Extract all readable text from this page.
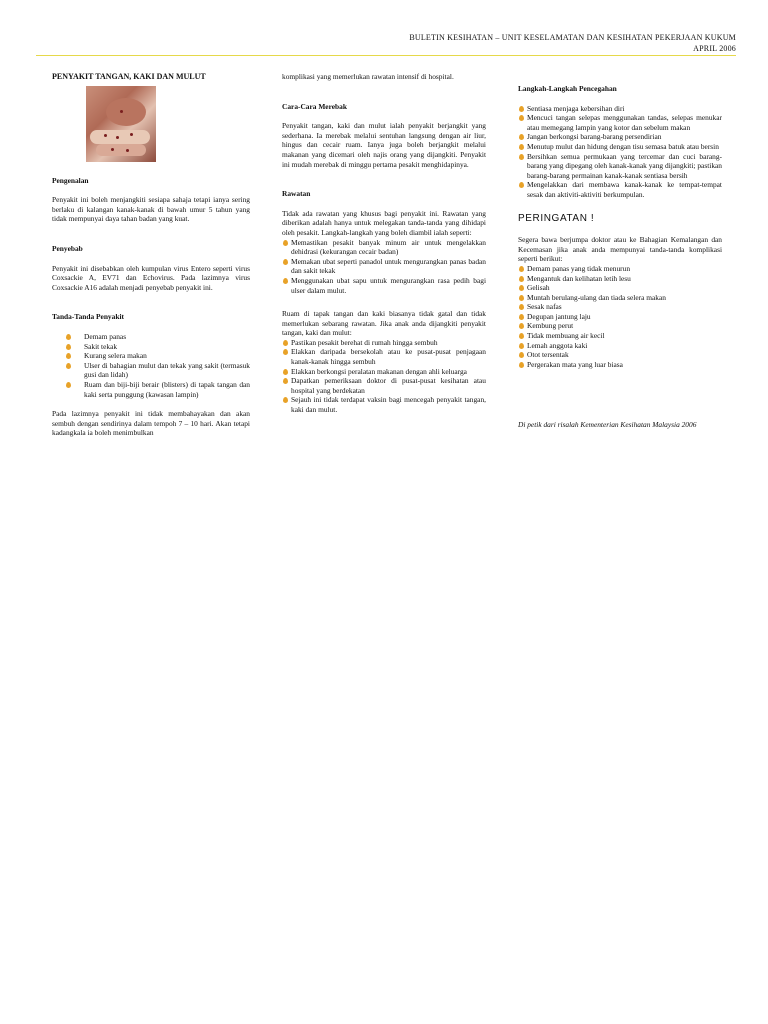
BULETIN KESIHATAN – UNIT KESELAMATAN DAN KESIHATAN PEKERJAAN KUKUM
APRIL 2006
PENYAKIT TANGAN, KAKI DAN MULUT

Pengenalan

Penyakit ini boleh menjangkiti sesiapa sahaja tetapi ianya sering berlaku di kalangan kanak-kanak di bawah umur 5 tahun yang tidak mempunyai daya tahan badan yang kuat.

Penyebab

Penyakit ini disebabkan oleh kumpulan virus Entero seperti virus Coxsackie A, EV71 dan Echovirus. Pada lazimnya virus Coxsackie A16 adalah menjadi penyebab penyakit ini.

Tanda-Tanda Penyakit

Demam panas
Sakit tekak
Kurang selera makan
Ulser di bahagian mulut dan tekak yang sakit (termasuk gusi dan lidah)
Ruam dan biji-biji berair (blisters) di tapak tangan dan kaki serta punggung (kawasan lampin)

Pada lazimnya penyakit ini tidak membahayakan dan akan sembuh dengan sendirinya dalam tempoh 7 – 10 hari. Akan tetapi kadangkala ia boleh menimbulkan

komplikasi yang memerlukan rawatan intensif di hospital.

Cara-Cara Merebak

Penyakit tangan, kaki dan mulut ialah penyakit berjangkit yang sederhana. Ia merebak melalui sentuhan langsung dengan air liur, hingus dan cecair ruam. Ianya juga boleh berjangkit melalui makanan yang dicemari oleh najis orang yang dijangkiti. Penyakit ini mudah merebak di minggu pertama pesakit menghidapinya.

Rawatan

Tidak ada rawatan yang khusus bagi penyakit ini. Rawatan yang diberikan adalah hanya untuk melegakan tanda-tanda yang dihidapi oleh pesakit. Langkah-langkah yang boleh diambil ialah seperti:

Memastikan pesakit banyak minum air untuk mengelakkan dehidrasi (kekurangan cecair badan)
Memakan ubat seperti panadol untuk mengurangkan panas badan dan sakit tekak
Menggunakan ubat sapu untuk mengurangkan rasa pedih bagi ulser dalam mulut.

Ruam di tapak tangan dan kaki biasanya tidak gatal dan tidak memerlukan sebarang rawatan. Jika anak anda dijangkiti penyakit tangan, kaki dan mulut:

Pastikan pesakit berehat di rumah hingga sembuh
Elakkan daripada bersekolah atau ke pusat-pusat penjagaan kanak-kanak hingga sembuh
Elakkan berkongsi peralatan makanan dengan ahli keluarga
Dapatkan pemeriksaan doktor di pusat-pusat kesihatan atau hospital yang berdekatan
Sejauh ini tidak terdapat vaksin bagi mencegah penyakit tangan, kaki dan mulut.

Langkah-Langkah Pencegahan

Sentiasa menjaga kebersihan diri
Mencuci tangan selepas menggunakan tandas, selepas menukar atau memegang lampin yang kotor dan sebelum makan
Jangan berkongsi barang-barang persendirian
Menutup mulut dan hidung dengan tisu semasa batuk atau bersin
Bersihkan semua permukaan yang tercemar dan cuci barang-barang yang dipegang oleh kanak-kanak yang dijangkiti; pastikan barang-barang permainan kanak-kanak sentiasa bersih
Mengelakkan dari membawa kanak-kanak ke tempat-tempat sesak dan aktiviti-aktiviti berkumpulan.
PERINGATAN !

Segera bawa berjumpa doktor atau ke Bahagian Kemalangan dan Kecemasan jika anak anda mempunyai tanda-tanda komplikasi seperti berikut:

Demam panas yang tidak menurun
Mengantuk dan kelihatan letih lesu
Gelisah
Muntah berulang-ulang dan tiada selera makan
Sesak nafas
Degupan jantung laju
Kembung perut
Tidak membuang air kecil
Lemah anggota kaki
Otot tersentak
Pergerakan mata yang luar biasa

Di petik dari risalah Kementerian Kesihatan Malaysia 2006
